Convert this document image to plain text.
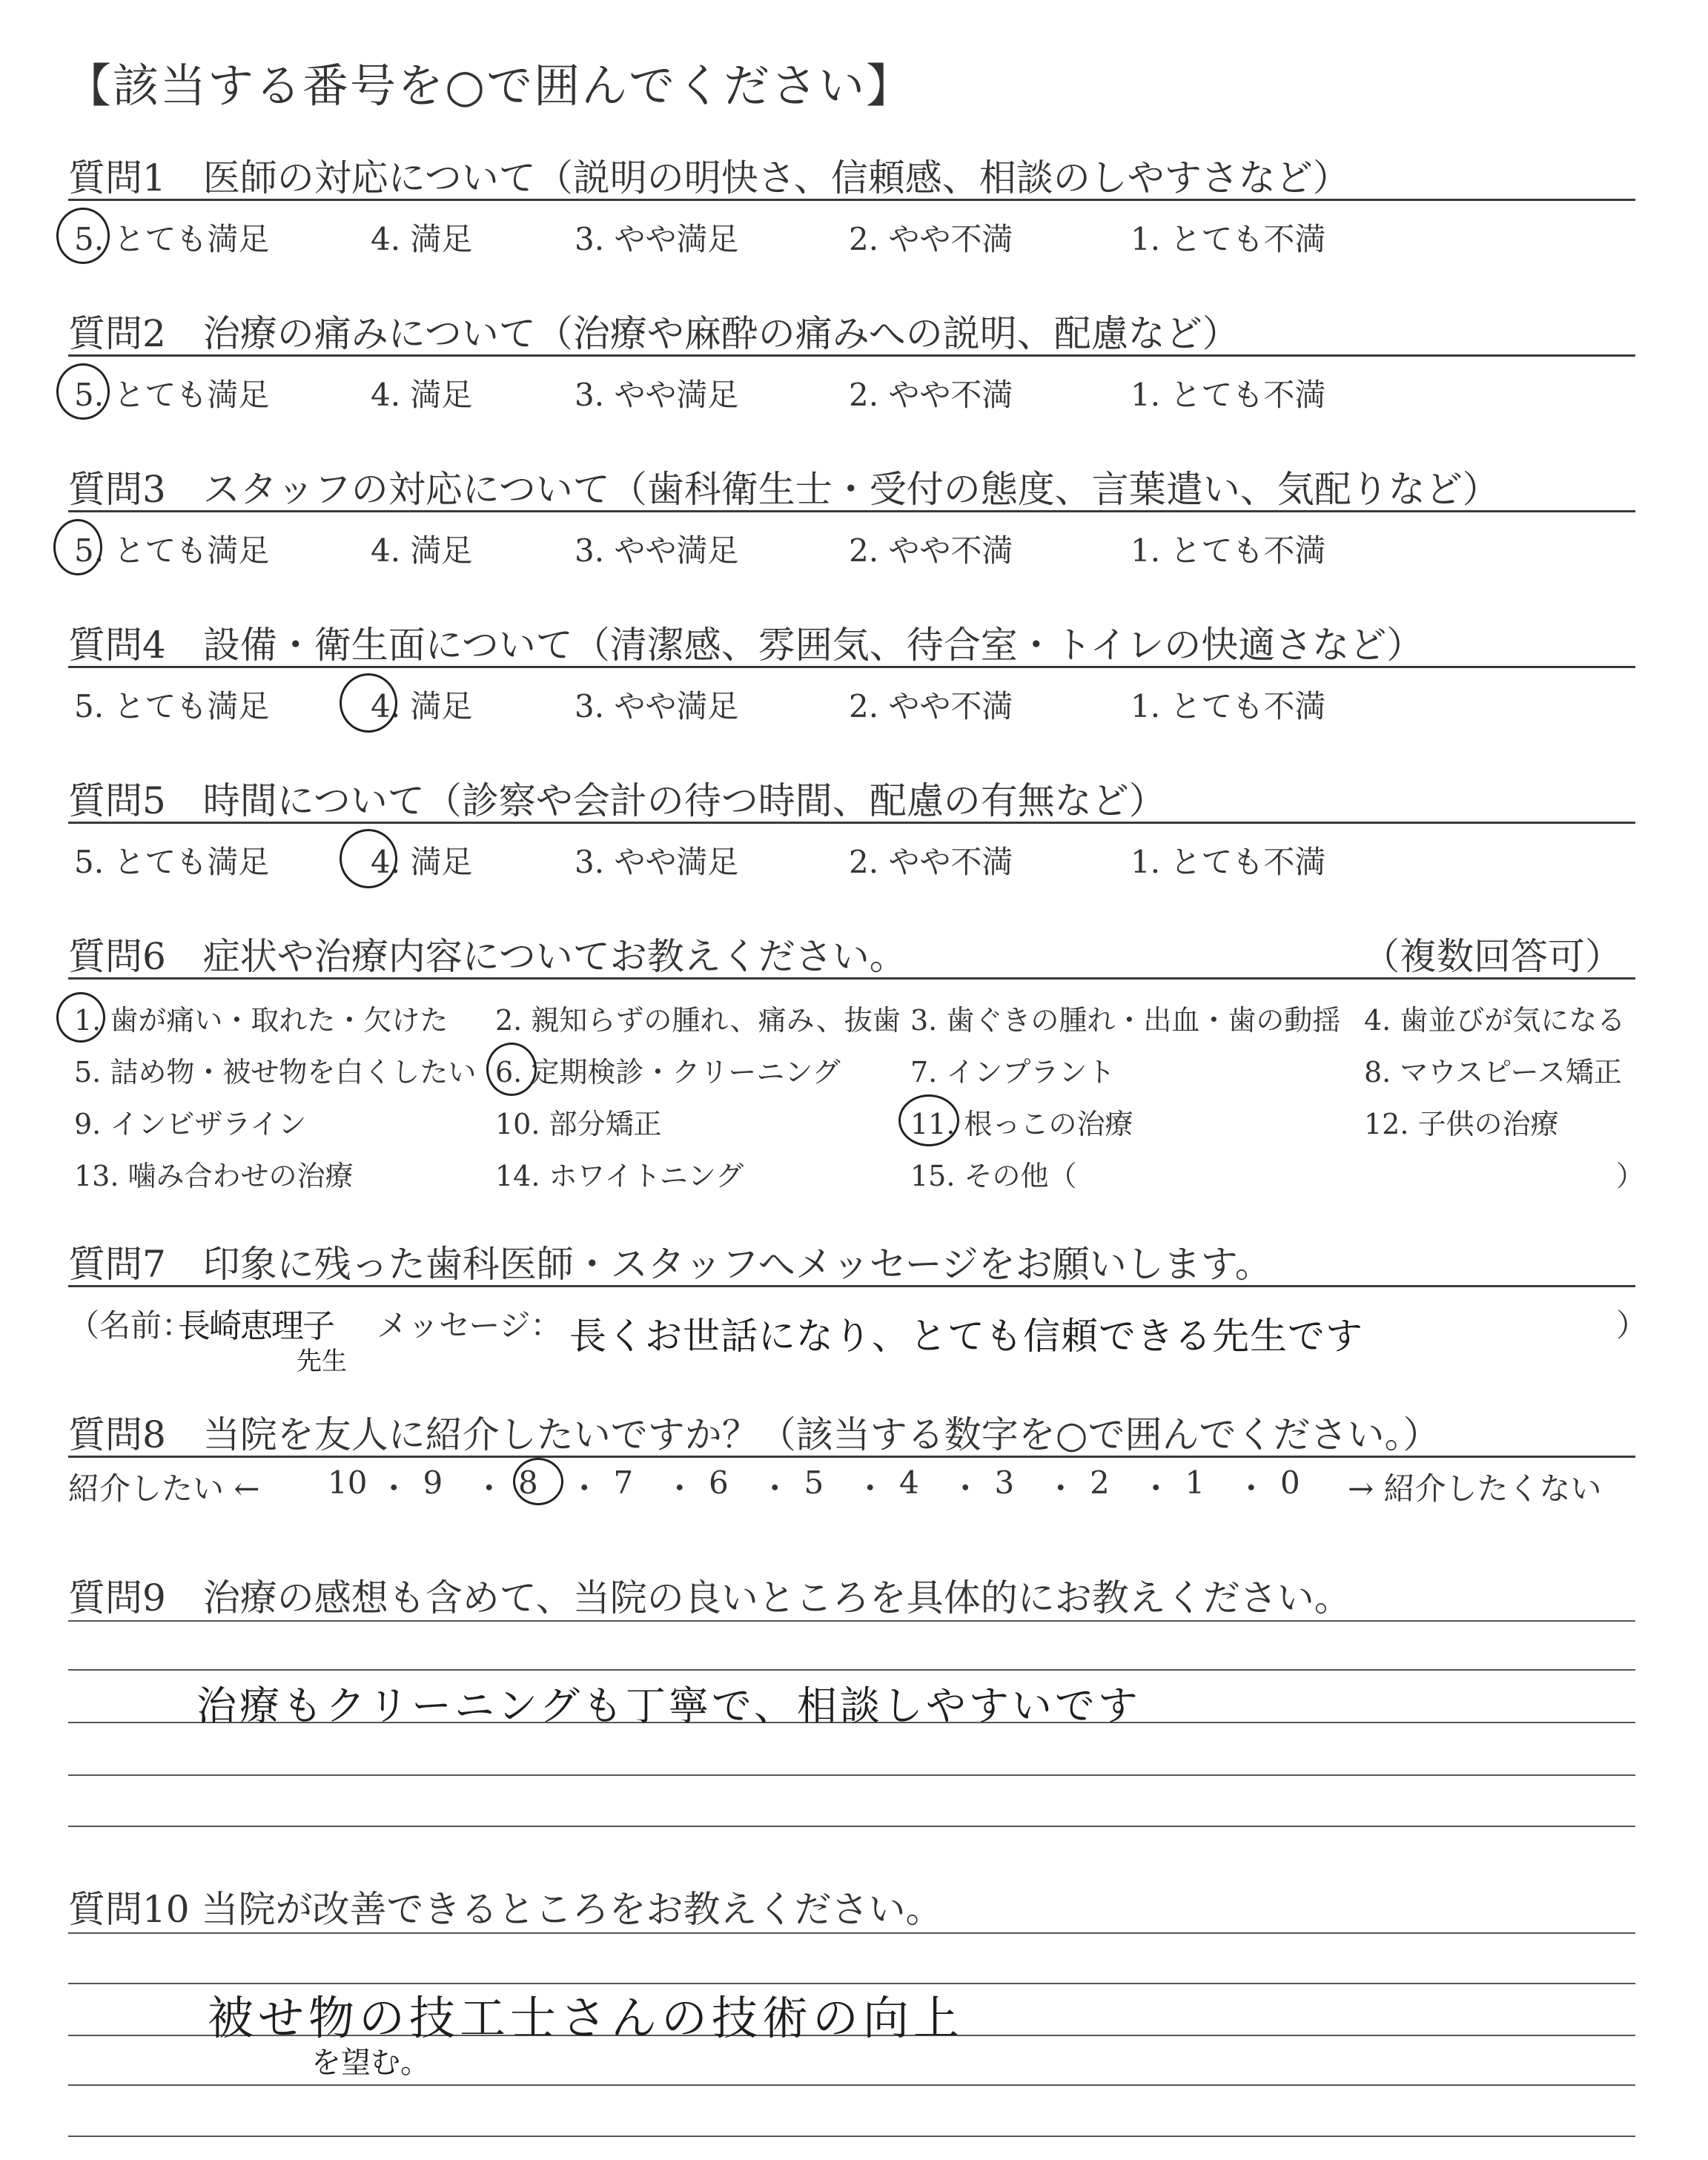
【該当する番号を○で囲んでください】
質問1　医師の対応について（説明の明快さ、信頼感、相談のしやすさなど）
5. とても満足	4. 満足	3. やや満足	2. やや不満	1. とても不満
質問2　治療の痛みについて（治療や麻酔の痛みへの説明、配慮など）
5. とても満足	4. 満足	3. やや満足	2. やや不満	1. とても不満
質問3　スタッフの対応について（歯科衛生士・受付の態度、言葉遣い、気配りなど）
5. とても満足	4. 満足	3. やや満足	2. やや不満	1. とても不満
質問4　設備・衛生面について（清潔感、雰囲気、待合室・トイレの快適さなど）
5. とても満足	4. 満足	3. やや満足	2. やや不満	1. とても不満
質問5　時間について（診察や会計の待つ時間、配慮の有無など）
5. とても満足	4. 満足	3. やや満足	2. やや不満	1. とても不満
質問6　症状や治療内容についてお教えください。	（複数回答可）
1. 歯が痛い・取れた・欠けた 2. 親知らずの腫れ、痛み、抜歯 3. 歯ぐきの腫れ・出血・歯の動揺 4. 歯並びが気になる
5. 詰め物・被せ物を白くしたい 6. 定期検診・クリーニング 7. インプラント	8. マウスピース矯正
9. インビザライン	10. 部分矯正	11. 根っこの治療	12. 子供の治療
13. 噛み合わせの治療	14. ホワイトニング	15. その他（	）
質問7　印象に残った歯科医師・スタッフへメッセージをお願いします。
（名前：	メッセージ：	）
長崎恵理子
先生
長くお世話になり、とても信頼できる先生です
質問8　当院を友人に紹介したいですか？（該当する数字を○で囲んでください。）
紹介したい ←	→ 紹介したくない
10 ・ 9 ・ 8 ・ 7 ・ 6 ・ 5 ・ 4 ・ 3 ・ 2 ・ 1 ・ 0
質問9　治療の感想も含めて、当院の良いところを具体的にお教えください。
治療もクリーニングも丁寧で、相談しやすいです
質問10 当院が改善できるところをお教えください。
被せ物の技工士さんの技術の向上
を望む。
